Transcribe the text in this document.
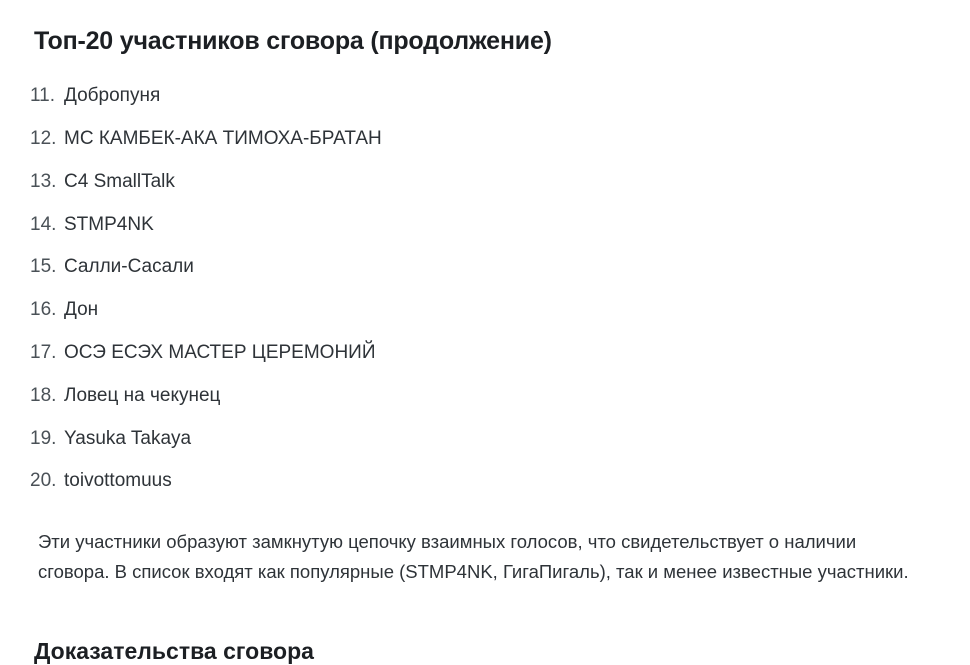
Топ-20 участников сговора (продолжение)
11. Добропуня
12. MC КАМБЕК-АКА ТИМОХА-БРАТАН
13. C4 SmallTalk
14. STMP4NK
15. Салли-Сасали
16. Дон
17. ОСЭ ЕСЭХ МАСТЕР ЦЕРЕМОНИЙ
18. Ловец на чекунец
19. Yasuka Takaya
20. toivottomuus

Эти участники образуют замкнутую цепочку взаимных голосов, что свидетельствует о наличии сговора. В список входят как популярные (STMP4NK, ГигаПигаль), так и менее известные участники.

Доказательства сговора
